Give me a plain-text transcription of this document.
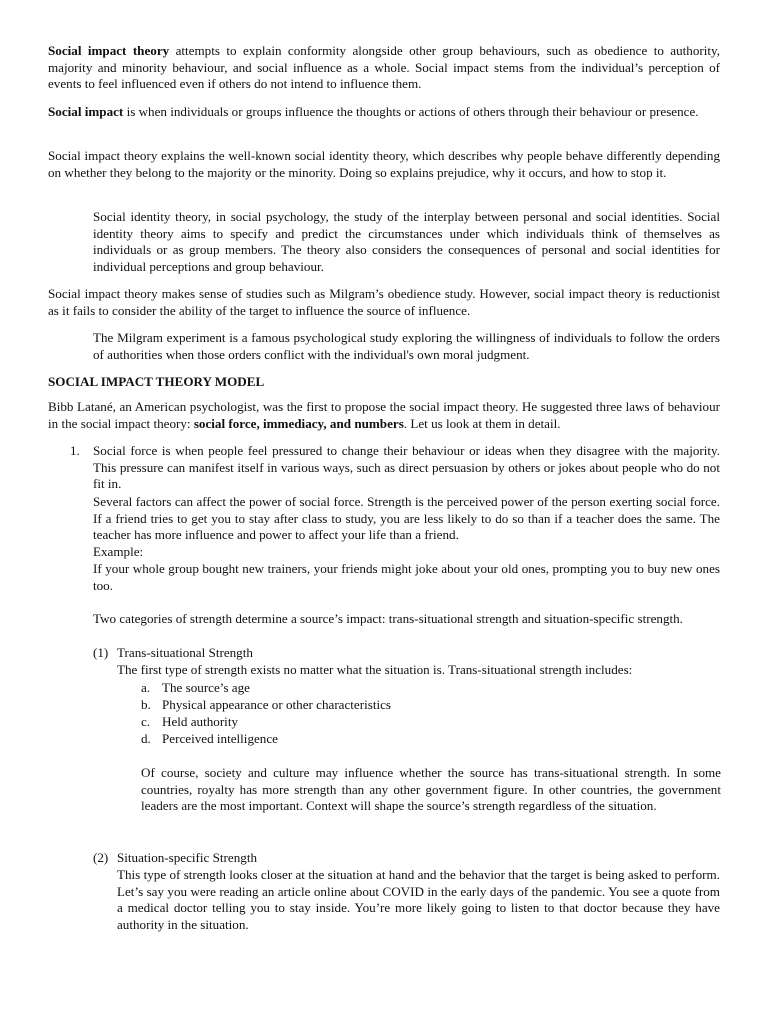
Social impact theory attempts to explain conformity alongside other group behaviours, such as obedience to authority, majority and minority behaviour, and social influence as a whole. Social impact stems from the individual’s perception of events to feel influenced even if others do not intend to influence them.

Social impact is when individuals or groups influence the thoughts or actions of others through their behaviour or presence.

Social impact theory explains the well-known social identity theory, which describes why people behave differently depending on whether they belong to the majority or the minority. Doing so explains prejudice, why it occurs, and how to stop it.

Social identity theory, in social psychology, the study of the interplay between personal and social identities. Social identity theory aims to specify and predict the circumstances under which individuals think of themselves as individuals or as group members. The theory also considers the consequences of personal and social identities for individual perceptions and group behaviour.

Social impact theory makes sense of studies such as Milgram’s obedience study. However, social impact theory is reductionist as it fails to consider the ability of the target to influence the source of influence.

The Milgram experiment is a famous psychological study exploring the willingness of individuals to follow the orders of authorities when those orders conflict with the individual's own moral judgment.

SOCIAL IMPACT THEORY MODEL

Bibb Latané, an American psychologist, was the first to propose the social impact theory. He suggested three laws of behaviour in the social impact theory: social force, immediacy, and numbers. Let us look at them in detail.

1. Social force is when people feel pressured to change their behaviour or ideas when they disagree with the majority. This pressure can manifest itself in various ways, such as direct persuasion by others or jokes about people who do not fit in.

Several factors can affect the power of social force. Strength is the perceived power of the person exerting social force. If a friend tries to get you to stay after class to study, you are less likely to do so than if a teacher does the same. The teacher has more influence and power to affect your life than a friend.

Example:

If your whole group bought new trainers, your friends might joke about your old ones, prompting you to buy new ones too.

Two categories of strength determine a source’s impact: trans-situational strength and situation-specific strength.

(1) Trans-situational Strength

The first type of strength exists no matter what the situation is. Trans-situational strength includes:

a. The source’s age
b. Physical appearance or other characteristics
c. Held authority
d. Perceived intelligence

Of course, society and culture may influence whether the source has trans-situational strength. In some countries, royalty has more strength than any other government figure. In other countries, the government leaders are the most important. Context will shape the source’s strength regardless of the situation.

(2) Situation-specific Strength

This type of strength looks closer at the situation at hand and the behavior that the target is being asked to perform. Let’s say you were reading an article online about COVID in the early days of the pandemic. You see a quote from a medical doctor telling you to stay inside. You’re more likely going to listen to that doctor because they have authority in the situation.
